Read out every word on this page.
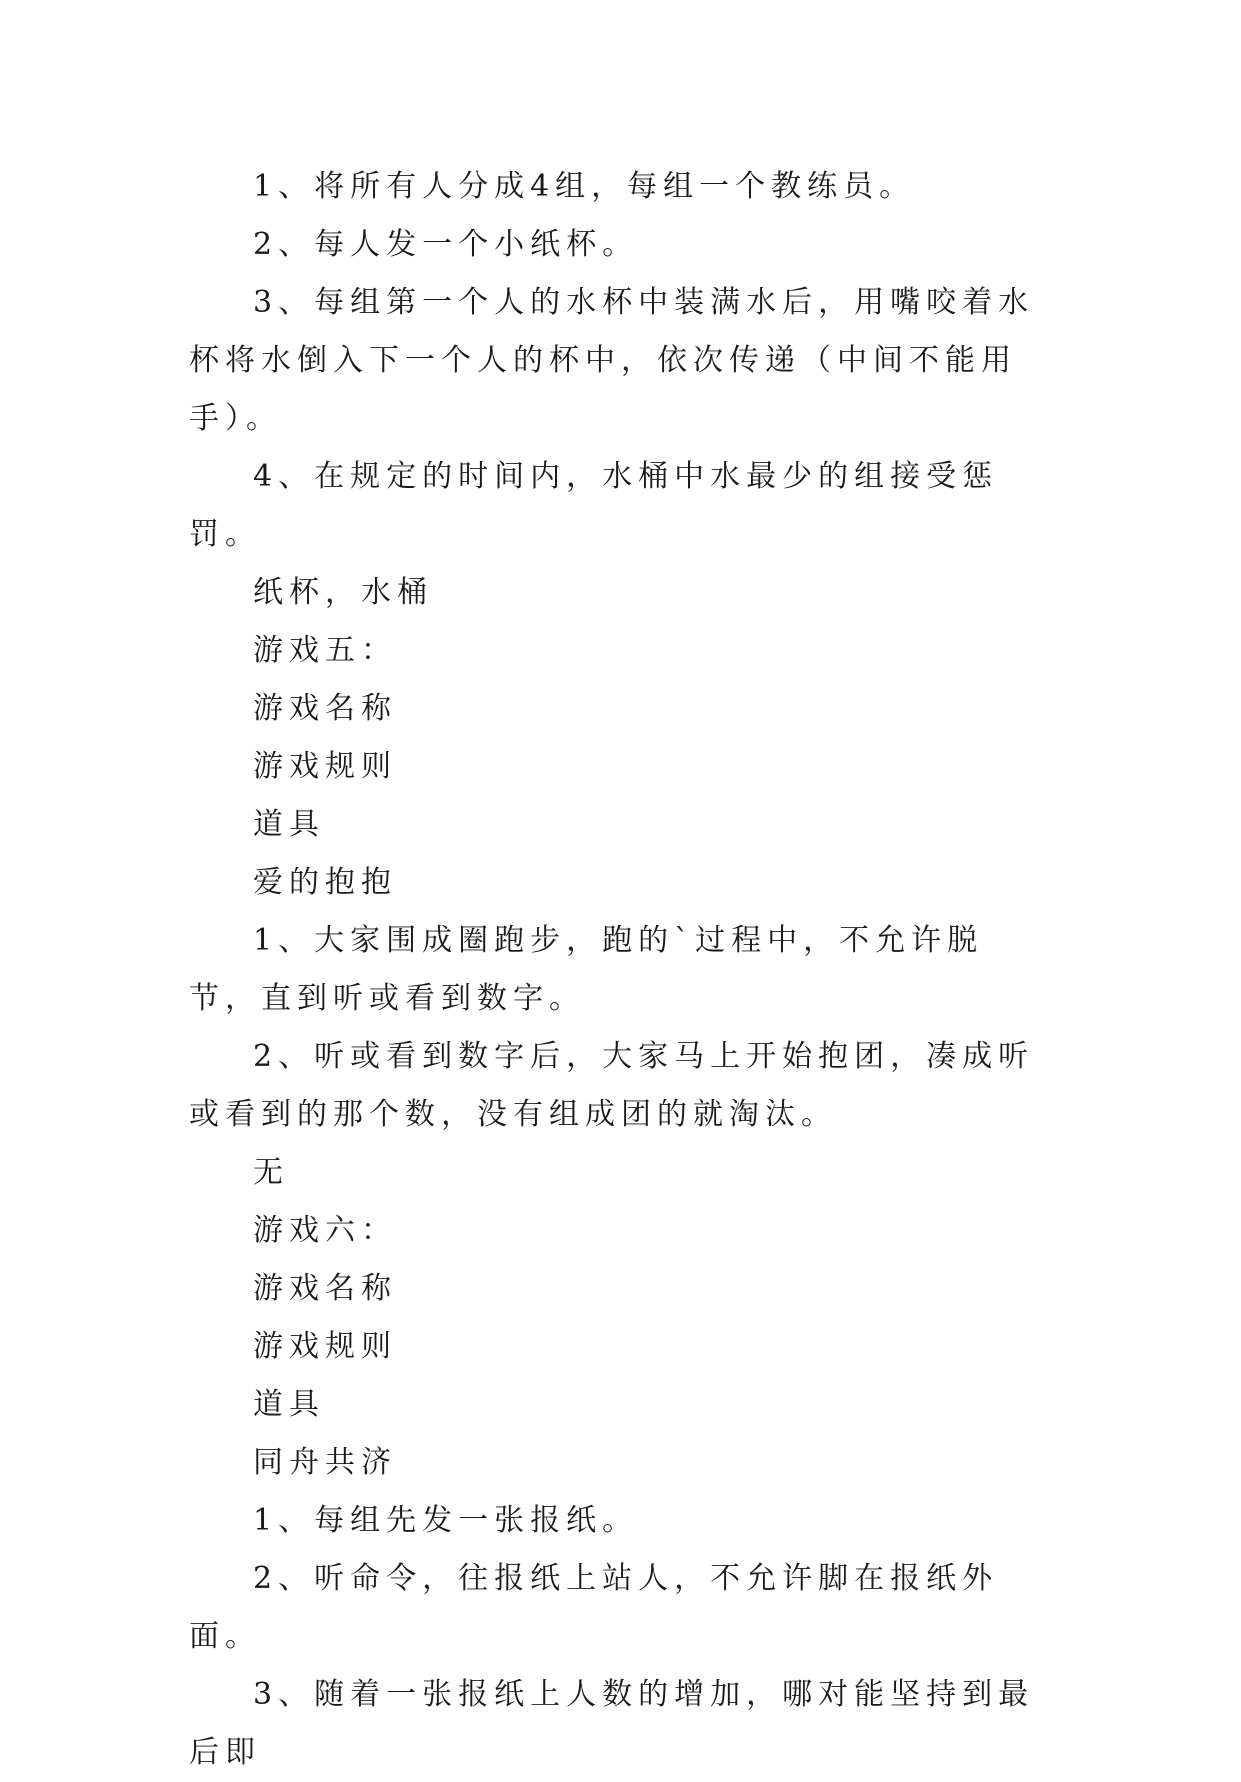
1、将所有人分成4组，每组一个教练员。

2、每人发一个小纸杯。

3、每组第一个人的水杯中装满水后，用嘴咬着水杯将水倒入下一个人的杯中，依次传递（中间不能用手）。

4、在规定的时间内，水桶中水最少的组接受惩罚。

纸杯，水桶

游戏五：

游戏名称

游戏规则

道具

爱的抱抱

1、大家围成圈跑步，跑的`过程中，不允许脱节，直到听或看到数字。

2、听或看到数字后，大家马上开始抱团，凑成听或看到的那个数，没有组成团的就淘汰。

无

游戏六：

游戏名称

游戏规则

道具

同舟共济

1、每组先发一张报纸。

2、听命令，往报纸上站人，不允许脚在报纸外面。

3、随着一张报纸上人数的增加，哪对能坚持到最后即
